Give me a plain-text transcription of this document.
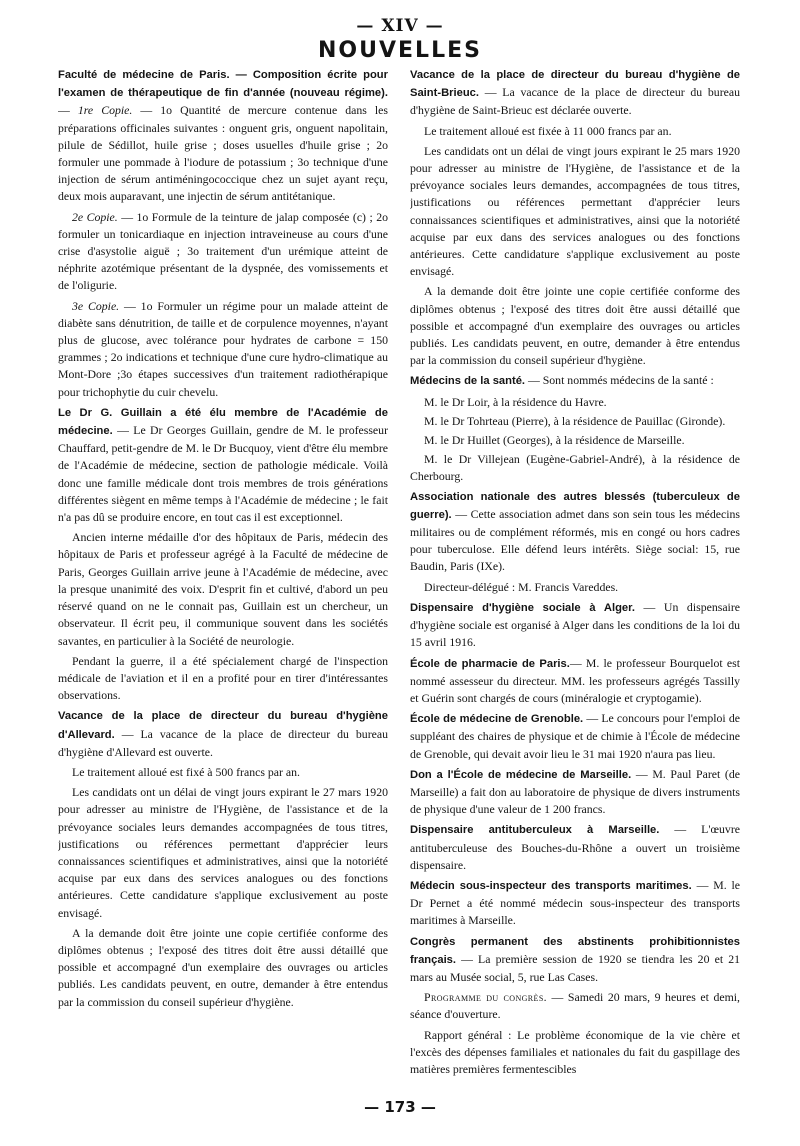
— XIV —
NOUVELLES

Faculté de médecine de Paris. — Composition écrite pour l'examen de thérapeutique de fin d'année (nouveau régime). — 1re Copie. — 1o Quantité de mercure contenue dans les préparations officinales suivantes : onguent gris, onguent napolitain, pilule de Sédillot, huile grise ; doses usuelles d'huile grise ; 2o formuler une pommade à l'iodure de potassium ; 3o technique d'une injection de sérum antiméningococcique chez un sujet ayant reçu, deux mois auparavant, une injectin de sérum antitétanique.

2e Copie. — 1o Formule de la teinture de jalap composée (c) ; 2o formuler un tonicardiaque en injection intraveineuse au cours d'une crise d'asystolie aiguë ; 3o traitement d'un urémique atteint de néphrite azotémique présentant de la dyspnée, des vomissements et de l'oligurie.

3e Copie. — 1o Formuler un régime pour un malade atteint de diabète sans dénutrition, de taille et de corpulence moyennes, n'ayant plus de glucose, avec tolérance pour hydrates de carbone = 150 grammes ; 2o indications et technique d'une cure hydro-climatique au Mont-Dore ;3o étapes successives d'un traitement radiothérapique pour trichophytie du cuir chevelu.

Le Dr G. Guillain a été élu membre de l'Académie de médecine. — Le Dr Georges Guillain, gendre de M. le professeur Chauffard, petit-gendre de M. le Dr Bucquoy, vient d'être élu membre de l'Académie de médecine, section de pathologie médicale. Voilà donc une famille médicale dont trois membres de trois générations différentes siègent en même temps à l'Académie de médecine ; le fait n'a pas dû se produire encore, en tout cas il est exceptionnel.

Ancien interne médaille d'or des hôpitaux de Paris, médecin des hôpitaux de Paris et professeur agrégé à la Faculté de médecine de Paris, Georges Guillain arrive jeune à l'Académie de médecine, avec la presque unanimité des voix. D'esprit fin et cultivé, d'abord un peu réservé quand on ne le connait pas, Guillain est un chercheur, un observateur. Il écrit peu, il communique souvent dans les sociétés savantes, en particulier à la Société de neurologie.

Pendant la guerre, il a été spécialement chargé de l'inspection médicale de l'aviation et il en a profité pour en tirer d'intéressantes observations.

Vacance de la place de directeur du bureau d'hygiène d'Allevard. — La vacance de la place de directeur du bureau d'hygiène d'Allevard est ouverte.

Le traitement alloué est fixé à 500 francs par an.

Les candidats ont un délai de vingt jours expirant le 27 mars 1920 pour adresser au ministre de l'Hygiène, de l'assistance et de la prévoyance sociales leurs demandes accompagnées de tous titres, justifications ou références permettant d'apprécier leurs connaissances scientifiques et administratives, ainsi que la notoriété acquise par eux dans des services analogues ou des fonctions antérieures. Cette candidature s'applique exclusivement au poste envisagé.

A la demande doit être jointe une copie certifiée conforme des diplômes obtenus ; l'exposé des titres doit être aussi détaillé que possible et accompagné d'un exemplaire des ouvrages ou articles publiés. Les candidats peuvent, en outre, demander à être entendus par la commission du conseil supérieur d'hygiène.

Vacance de la place de directeur du bureau d'hygiène de Saint-Brieuc. — La vacance de la place de directeur du bureau d'hygiène de Saint-Brieuc est déclarée ouverte.

Le traitement alloué est fixée à 11 000 francs par an.

Les candidats ont un délai de vingt jours expirant le 25 mars 1920 pour adresser au ministre de l'Hygiène, de l'assistance et de la prévoyance sociales leurs demandes, accompagnées de tous titres, justifications ou références permettant d'apprécier leurs connaissances scientifiques et administratives, ainsi que la notoriété acquise par eux dans des services analogues ou des fonctions antérieures. Cette candidature s'applique exclusivement au poste envisagé.

A la demande doit être jointe une copie certifiée conforme des diplômes obtenus ; l'exposé des titres doit être aussi détaillé que possible et accompagné d'un exemplaire des ouvrages ou articles publiés. Les candidats peuvent, en outre, demander à être entendus par la commission du conseil supérieur d'hygiène.

Médecins de la santé. — Sont nommés médecins de la santé :

M. le Dr Loir, à la résidence du Havre.

M. le Dr Tohrteau (Pierre), à la résidence de Pauillac (Gironde).

M. le Dr Huillet (Georges), à la résidence de Marseille.

M. le Dr Villejean (Eugène-Gabriel-André), à la résidence de Cherbourg.

Association nationale des autres blessés (tuberculeux de guerre). — Cette association admet dans son sein tous les médecins militaires ou de complément réformés, mis en congé ou hors cadres pour tuberculose. Elle défend leurs intérêts. Siège social: 15, rue Baudin, Paris (IXe).

Directeur-délégué : M. Francis Vareddes.

Dispensaire d'hygiène sociale à Alger. — Un dispensaire d'hygiène sociale est organisé à Alger dans les conditions de la loi du 15 avril 1916.

École de pharmacie de Paris.— M. le professeur Bourquelot est nommé assesseur du directeur. MM. les professeurs agrégés Tassilly et Guérin sont chargés de cours (minéralogie et cryptogamie).

École de médecine de Grenoble. — Le concours pour l'emploi de suppléant des chaires de physique et de chimie à l'École de médecine de Grenoble, qui devait avoir lieu le 31 mai 1920 n'aura pas lieu.

Don a l'École de médecine de Marseille. — M. Paul Paret (de Marseille) a fait don au laboratoire de physique de divers instruments de physique d'une valeur de 1 200 francs.

Dispensaire antituberculeux à Marseille. — L'œuvre antituberculeuse des Bouches-du-Rhône a ouvert un troisième dispensaire.

Médecin sous-inspecteur des transports maritimes. — M. le Dr Pernet a été nommé médecin sous-inspecteur des transports maritimes à Marseille.

Congrès permanent des abstinents prohibitionnistes français. — La première session de 1920 se tiendra les 20 et 21 mars au Musée social, 5, rue Las Cases.

Programme du congrès. — Samedi 20 mars, 9 heures et demi, séance d'ouverture.

Rapport général : Le problème économique de la vie chère et l'excès des dépenses familiales et nationales du fait du gaspillage des matières premières fermentescibles

— 173 —
